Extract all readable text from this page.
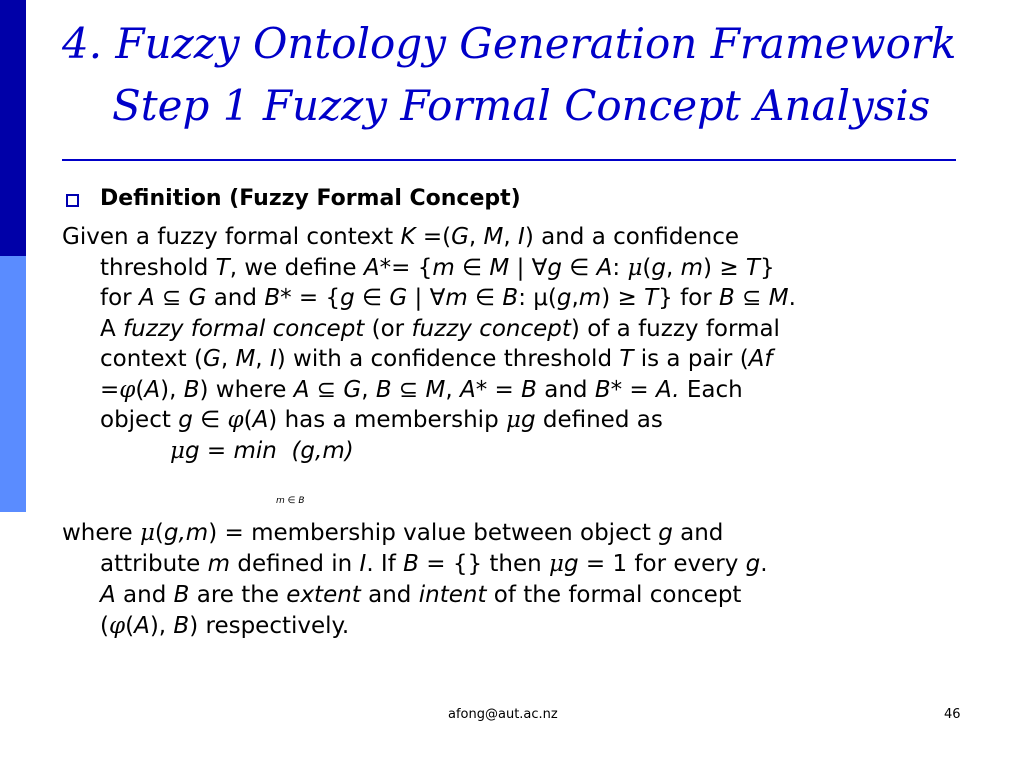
4. Fuzzy Ontology Generation Framework
Step 1 Fuzzy Formal Concept Analysis
Definition (Fuzzy Formal Concept)
Given a fuzzy formal context K =(G, M, I) and a confidence
threshold T, we define A*= {m ∈ M | ∀g ∈ A: μ(g, m) ≥ T}
for A ⊆ G and B* = {g ∈ G | ∀m ∈ B: μ(g,m) ≥ T} for B ⊆ M.
A fuzzy formal concept (or fuzzy concept) of a fuzzy formal
context (G, M, I) with a confidence threshold T is a pair (Af
=φ(A), B) where A ⊆ G, B ⊆ M, A* = B and B* = A. Each
object g ∈ φ(A) has a membership μg defined as
μg = min  (g,m)
m ∈ B
where μ(g,m) = membership value between object g and
attribute m defined in I. If B = {} then μg = 1 for every g.
A and B are the extent and intent of the formal concept
(φ(A), B) respectively.
afong@aut.ac.nz	46
